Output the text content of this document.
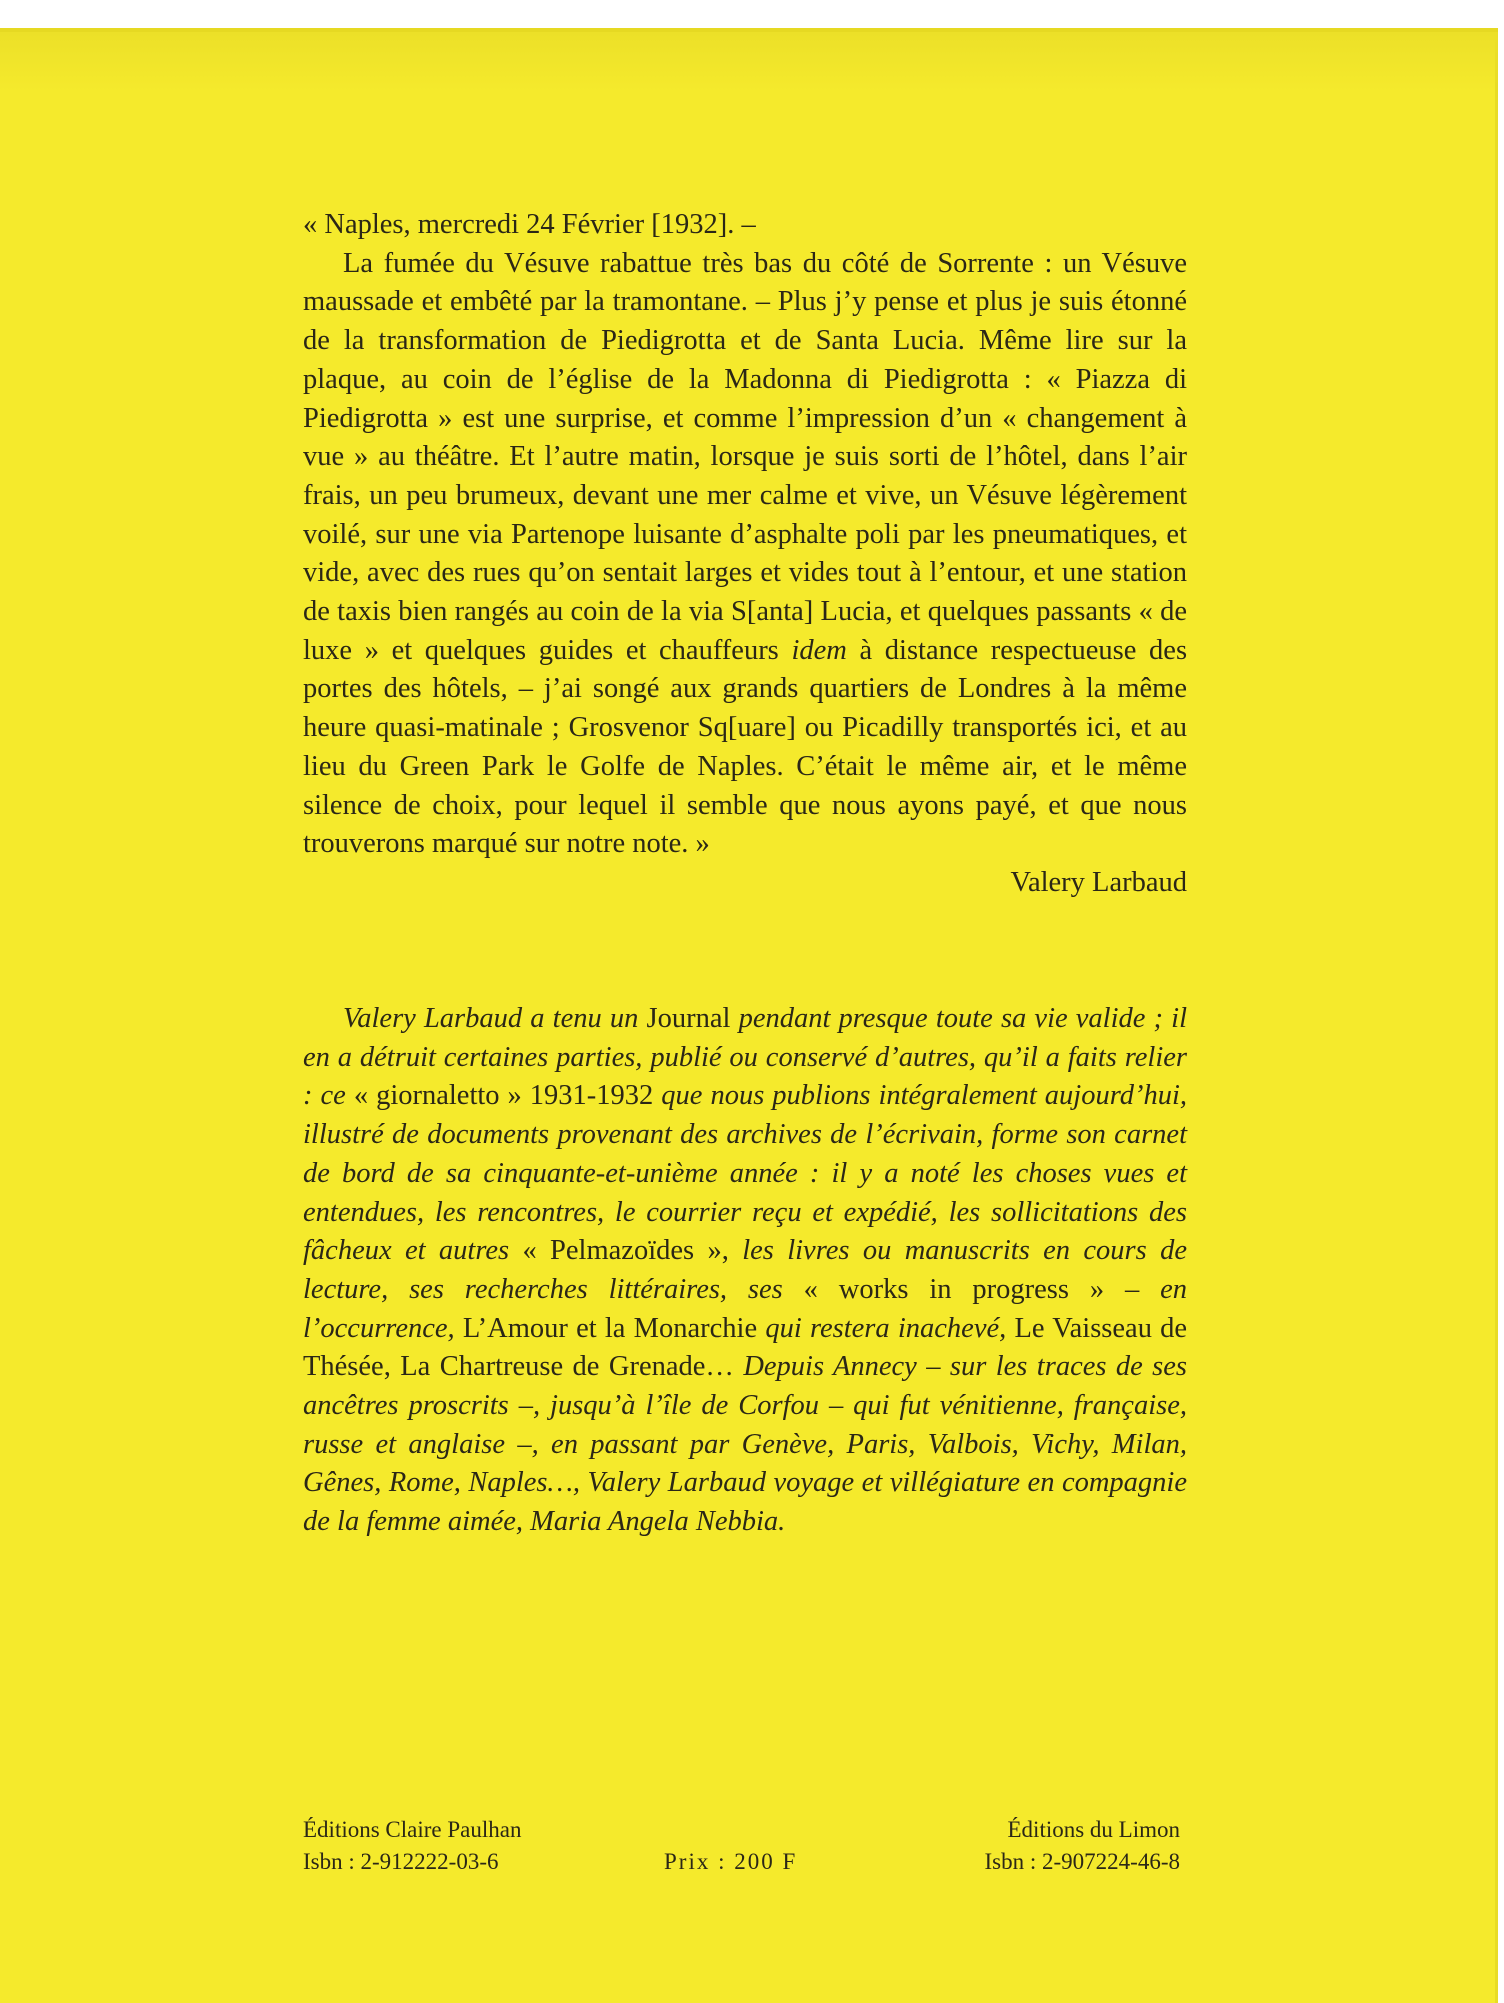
« Naples, mercredi 24 Février [1932]. –

La fumée du Vésuve rabattue très bas du côté de Sorrente : un Vésuve maussade et embêté par la tramontane. – Plus j’y pense et plus je suis étonné de la transformation de Piedigrotta et de Santa Lucia. Même lire sur la plaque, au coin de l’église de la Madonna di Piedigrotta : « Piazza di Piedigrotta » est une surprise, et comme l’impression d’un « changement à vue » au théâtre. Et l’autre matin, lorsque je suis sorti de l’hôtel, dans l’air frais, un peu brumeux, devant une mer calme et vive, un Vésuve légèrement voilé, sur une via Partenope luisante d’asphalte poli par les pneumatiques, et vide, avec des rues qu’on sentait larges et vides tout à l’entour, et une station de taxis bien rangés au coin de la via S[anta] Lucia, et quelques passants « de luxe » et quelques guides et chauffeurs idem à distance respectueuse des portes des hôtels, – j’ai songé aux grands quartiers de Londres à la même heure quasi-matinale ; Grosvenor Sq[uare] ou Picadilly transportés ici, et au lieu du Green Park le Golfe de Naples. C’était le même air, et le même silence de choix, pour lequel il semble que nous ayons payé, et que nous trouverons marqué sur notre note. »

Valery Larbaud

Valery Larbaud a tenu un Journal pendant presque toute sa vie valide ; il en a détruit certaines parties, publié ou conservé d’autres, qu’il a faits relier : ce « giornaletto » 1931-1932 que nous publions intégralement aujourd’hui, illustré de documents provenant des archives de l’écrivain, forme son carnet de bord de sa cinquante-et-unième année : il y a noté les choses vues et entendues, les rencontres, le courrier reçu et expédié, les sollicitations des fâcheux et autres « Pelmazoïdes », les livres ou manuscrits en cours de lecture, ses recherches littéraires, ses « works in progress » – en l’occurrence, L’Amour et la Monarchie qui restera inachevé, Le Vaisseau de Thésée, La Chartreuse de Grenade… Depuis Annecy – sur les traces de ses ancêtres proscrits –, jusqu’à l’île de Corfou – qui fut vénitienne, française, russe et anglaise –, en passant par Genève, Paris, Valbois, Vichy, Milan, Gênes, Rome, Naples…, Valery Larbaud voyage et villégiature en compagnie de la femme aimée, Maria Angela Nebbia.

Éditions Claire Paulhan
Isbn : 2-912222-03-6	Prix : 200 F
Éditions du Limon
Isbn : 2-907224-46-8
